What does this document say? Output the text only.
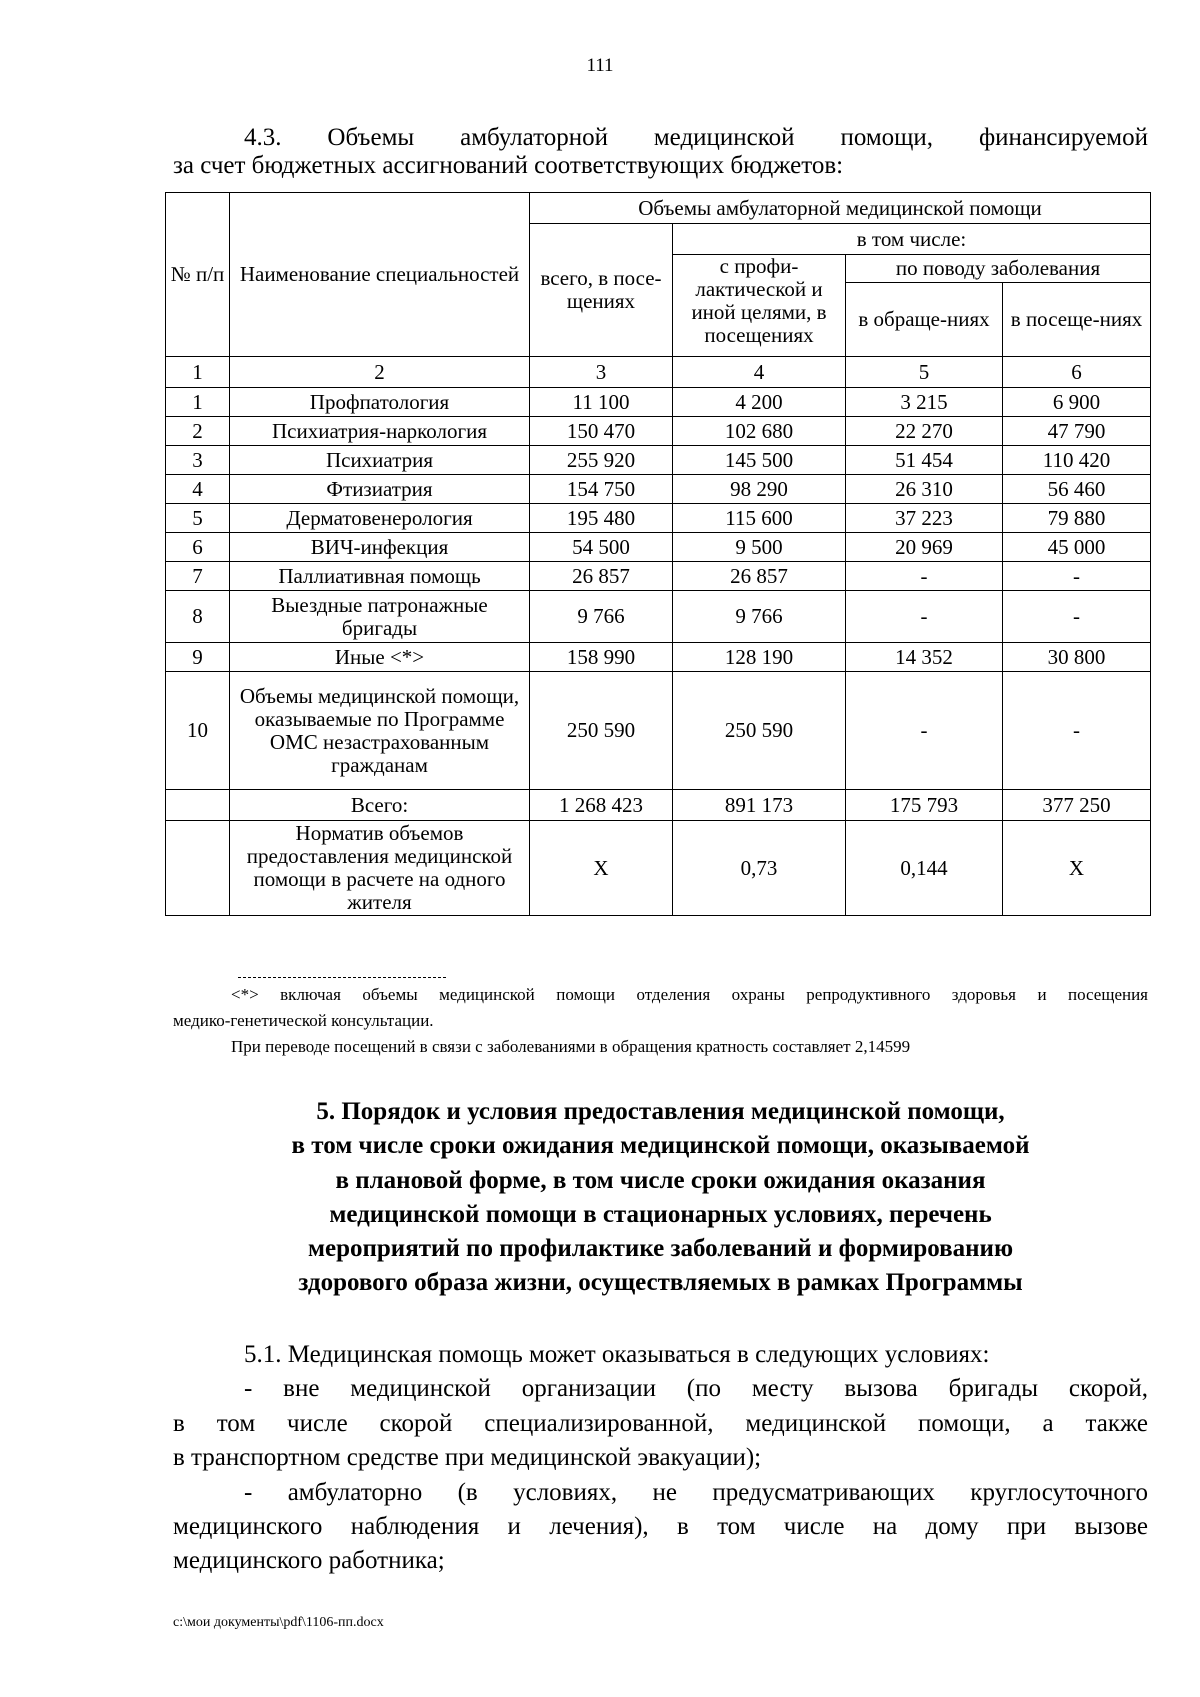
111
4.3. Объемы амбулаторной медицинской помощи, финансируемой
за счет бюджетных ассигнований соответствующих бюджетов:
№ п/п	Наименование специальностей	Объемы амбулаторной медицинской помощи			
		всего, в посе-щениях	в том числе:		
			с профи-лактической и иной целями, в посещениях	по поводу заболевания	
				в обраще-ниях	в посеще-ниях
1	2	3	4	5	6
1	Профпатология	11 100	4 200	3 215	6 900
2	Психиатрия-наркология	150 470	102 680	22 270	47 790
3	Психиатрия	255 920	145 500	51 454	110 420
4	Фтизиатрия	154 750	98 290	26 310	56 460
5	Дерматовенерология	195 480	115 600	37 223	79 880
6	ВИЧ-инфекция	54 500	9 500	20 969	45 000
7	Паллиативная помощь	26 857	26 857	-	-
8	Выездные патронажные бригады	9 766	9 766	-	-
9	Иные <*>	158 990	128 190	14 352	30 800
10	Объемы медицинской помощи, оказываемые по Программе ОМС незастрахованным гражданам	250 590	250 590	-	-
	Всего:	1 268 423	891 173	175 793	377 250
	Норматив объемов предоставления медицинской помощи в расчете на одного жителя	Х	0,73	0,144	Х
<*> включая объемы медицинской помощи отделения охраны репродуктивного здоровья и посещения
медико-генетической консультации.
При переводе посещений в связи с заболеваниями в обращения кратность составляет 2,14599
5. Порядок и условия предоставления медицинской помощи,
в том числе сроки ожидания медицинской помощи, оказываемой
в плановой форме, в том числе сроки ожидания оказания
медицинской помощи в стационарных условиях, перечень
мероприятий по профилактике заболеваний и формированию
здорового образа жизни, осуществляемых в рамках Программы
5.1. Медицинская помощь может оказываться в следующих условиях:
- вне медицинской организации (по месту вызова бригады скорой,
в том числе скорой специализированной, медицинской помощи, а также
в транспортном средстве при медицинской эвакуации);
- амбулаторно (в условиях, не предусматривающих круглосуточного
медицинского наблюдения и лечения), в том числе на дому при вызове
медицинского работника;
c:\мои документы\pdf\1106-пп.docx
